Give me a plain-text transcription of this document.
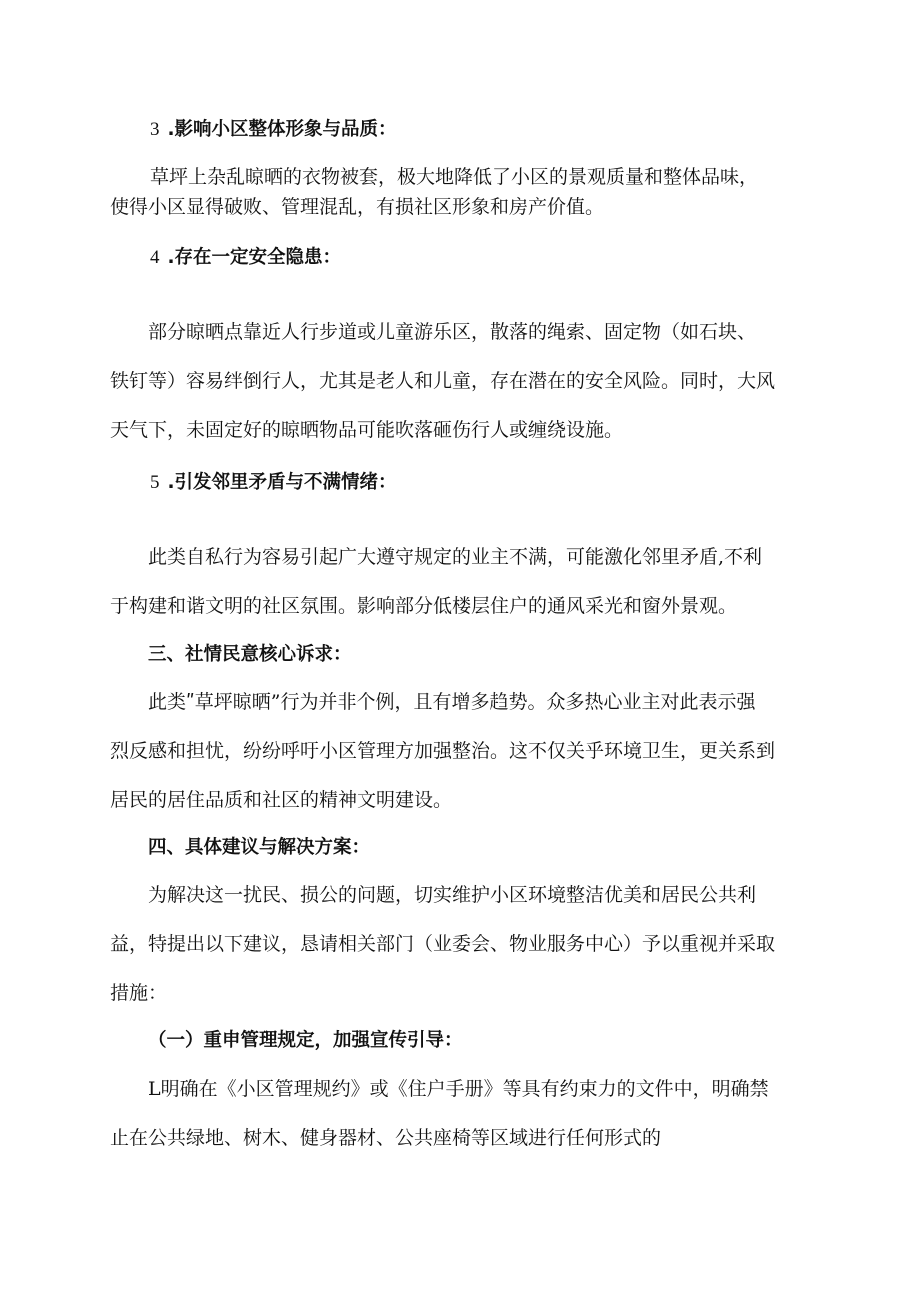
3 .影响小区整体形象与品质：
草坪上杂乱晾晒的衣物被套，极大地降低了小区的景观质量和整体品味，
使得小区显得破败、管理混乱，有损社区形象和房产价值。
4 .存在一定安全隐患：
部分晾晒点靠近人行步道或儿童游乐区，散落的绳索、固定物（如石块、
铁钉等）容易绊倒行人，尤其是老人和儿童，存在潜在的安全风险。同时，大风
天气下，未固定好的晾晒物品可能吹落砸伤行人或缠绕设施。
5 .引发邻里矛盾与不满情绪：
此类自私行为容易引起广大遵守规定的业主不满，可能激化邻里矛盾,不利
于构建和谐文明的社区氛围。影响部分低楼层住户的通风采光和窗外景观。
三、社情民意核心诉求：
此类ʺ草坪晾晒”行为并非个例，且有增多趋势。众多热心业主对此表示强
烈反感和担忧，纷纷呼吁小区管理方加强整治。这不仅关乎环境卫生，更关系到
居民的居住品质和社区的精神文明建设。
四、具体建议与解决方案：
为解决这一扰民、损公的问题，切实维护小区环境整洁优美和居民公共利
益，特提出以下建议，恳请相关部门（业委会、物业服务中心）予以重视并采取
措施：
（一）重申管理规定，加强宣传引导：
L明确在《小区管理规约》或《住户手册》等具有约束力的文件中，明确禁
止在公共绿地、树木、健身器材、公共座椅等区域进行任何形式的
